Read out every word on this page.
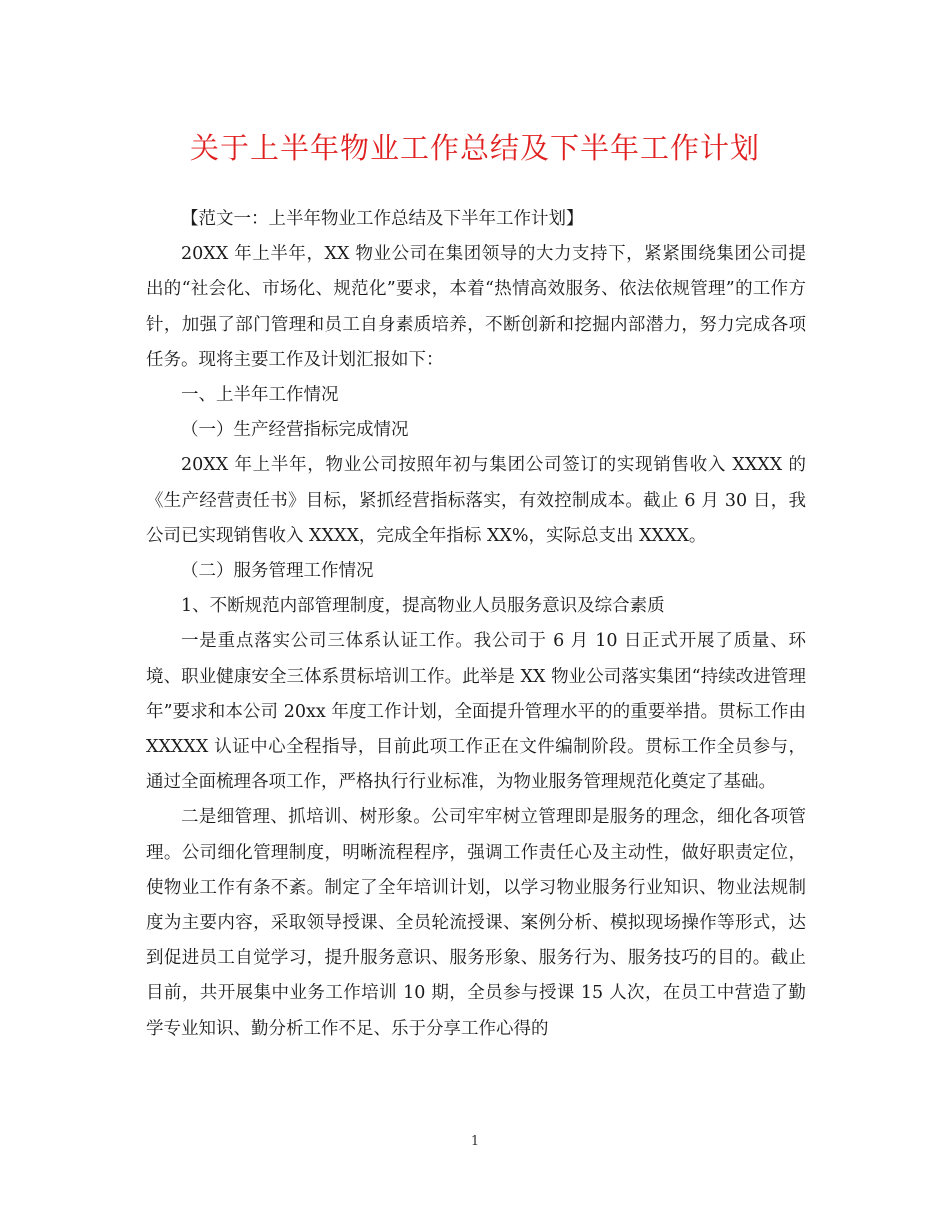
关于上半年物业工作总结及下半年工作计划

【范文一：上半年物业工作总结及下半年工作计划】

20XX 年上半年，XX 物业公司在集团领导的大力支持下，紧紧围绕集团公司提出的“社会化、市场化、规范化”要求，本着“热情高效服务、依法依规管理”的工作方针，加强了部门管理和员工自身素质培养，不断创新和挖掘内部潜力，努力完成各项任务。现将主要工作及计划汇报如下：

一、上半年工作情况

（一）生产经营指标完成情况

20XX 年上半年，物业公司按照年初与集团公司签订的实现销售收入 XXXX 的《生产经营责任书》目标，紧抓经营指标落实，有效控制成本。截止 6 月 30 日，我公司已实现销售收入 XXXX，完成全年指标 XX%，实际总支出 XXXX。

（二）服务管理工作情况

1、不断规范内部管理制度，提高物业人员服务意识及综合素质

一是重点落实公司三体系认证工作。我公司于 6 月 10 日正式开展了质量、环境、职业健康安全三体系贯标培训工作。此举是 XX 物业公司落实集团“持续改进管理年”要求和本公司 20xx 年度工作计划，全面提升管理水平的的重要举措。贯标工作由 XXXXX 认证中心全程指导，目前此项工作正在文件编制阶段。贯标工作全员参与，通过全面梳理各项工作，严格执行行业标准，为物业服务管理规范化奠定了基础。

二是细管理、抓培训、树形象。公司牢牢树立管理即是服务的理念，细化各项管理。公司细化管理制度，明晰流程程序，强调工作责任心及主动性，做好职责定位，使物业工作有条不紊。制定了全年培训计划，以学习物业服务行业知识、物业法规制度为主要内容，采取领导授课、全员轮流授课、案例分析、模拟现场操作等形式，达到促进员工自觉学习，提升服务意识、服务形象、服务行为、服务技巧的目的。截止目前，共开展集中业务工作培训 10 期，全员参与授课 15 人次，在员工中营造了勤学专业知识、勤分析工作不足、乐于分享工作心得的

1
